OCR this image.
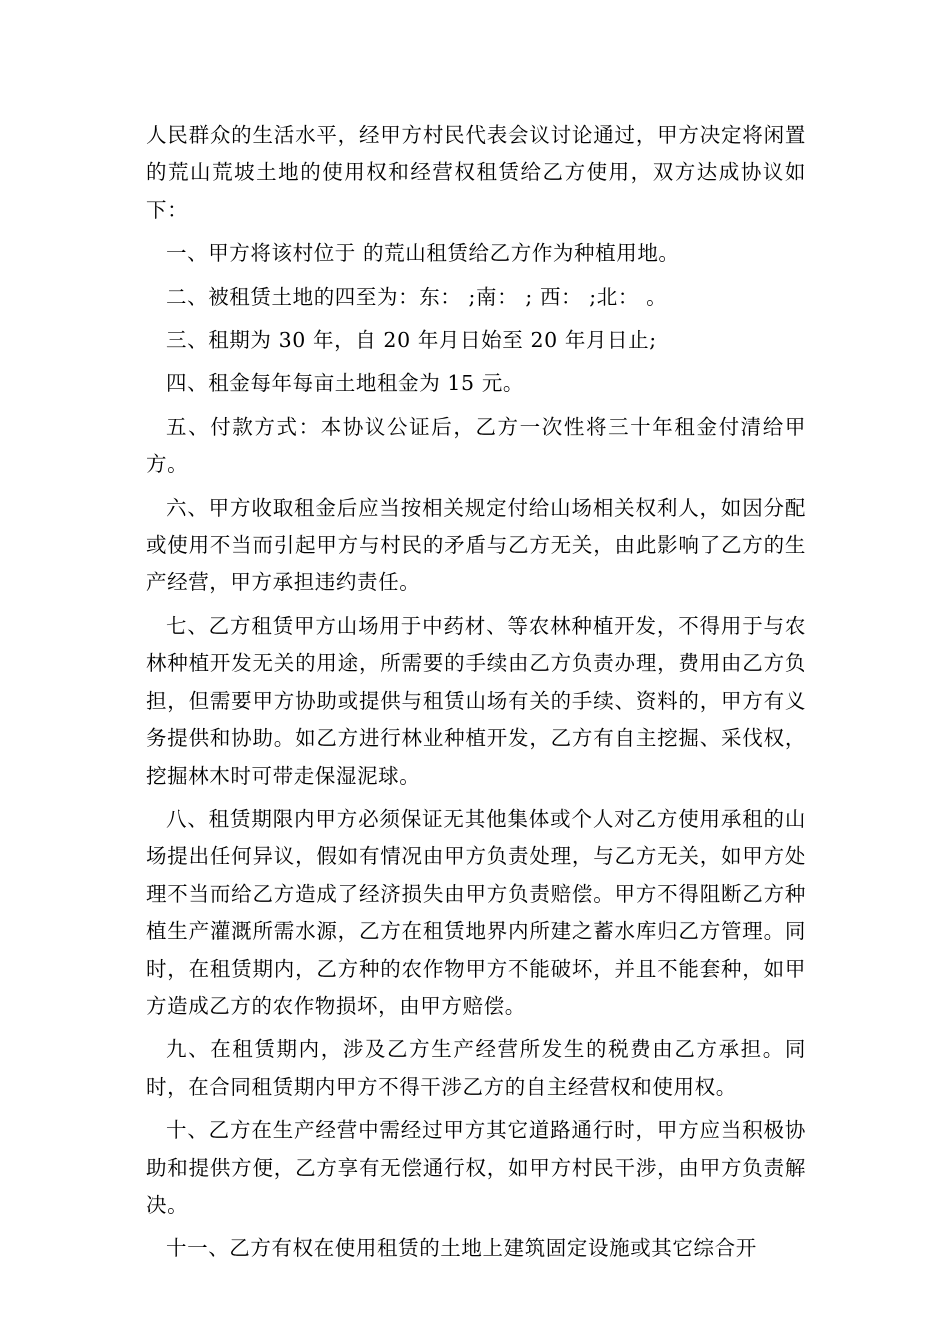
人民群众的生活水平，经甲方村民代表会议讨论通过，甲方决定将闲置的荒山荒坡土地的使用权和经营权租赁给乙方使用，双方达成协议如下：

一、甲方将该村位于 的荒山租赁给乙方作为种植用地。

二、被租赁土地的四至为：东： ;南： ; 西： ;北： 。

三、租期为 30 年，自 20 年月日始至 20 年月日止;

四、租金每年每亩土地租金为 15 元。

五、付款方式：本协议公证后，乙方一次性将三十年租金付清给甲方。

六、甲方收取租金后应当按相关规定付给山场相关权利人，如因分配或使用不当而引起甲方与村民的矛盾与乙方无关，由此影响了乙方的生产经营，甲方承担违约责任。

七、乙方租赁甲方山场用于中药材、等农林种植开发，不得用于与农林种植开发无关的用途，所需要的手续由乙方负责办理，费用由乙方负担，但需要甲方协助或提供与租赁山场有关的手续、资料的，甲方有义务提供和协助。如乙方进行林业种植开发，乙方有自主挖掘、采伐权，挖掘林木时可带走保湿泥球。

八、租赁期限内甲方必须保证无其他集体或个人对乙方使用承租的山场提出任何异议，假如有情况由甲方负责处理，与乙方无关，如甲方处理不当而给乙方造成了经济损失由甲方负责赔偿。甲方不得阻断乙方种植生产灌溉所需水源，乙方在租赁地界内所建之蓄水库归乙方管理。同时，在租赁期内，乙方种的农作物甲方不能破坏，并且不能套种，如甲方造成乙方的农作物损坏，由甲方赔偿。

九、在租赁期内，涉及乙方生产经营所发生的税费由乙方承担。同时，在合同租赁期内甲方不得干涉乙方的自主经营权和使用权。

十、乙方在生产经营中需经过甲方其它道路通行时，甲方应当积极协助和提供方便，乙方享有无偿通行权，如甲方村民干涉，由甲方负责解决。

十一、乙方有权在使用租赁的土地上建筑固定设施或其它综合开
